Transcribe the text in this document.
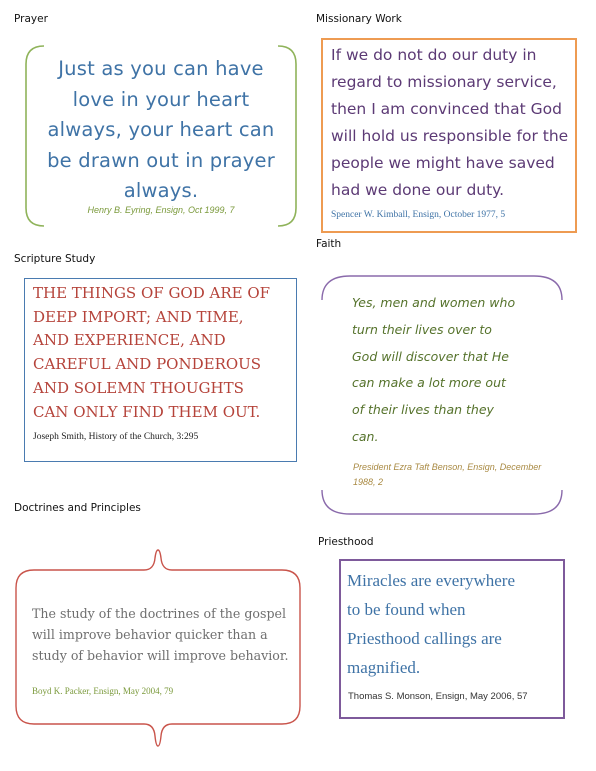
Prayer	Missionary Work
Scripture Study
Faith
Doctrines and Principles
Priesthood
Just as you can have
love in your heart
always, your heart can
be drawn out in prayer
always.
Henry B. Eyring, Ensign, Oct 1999, 7
If we do not do our duty in
regard to missionary service,
then I am convinced that God
will hold us responsible for the
people we might have saved
had we done our duty.
Spencer W. Kimball, Ensign, October 1977, 5
THE THINGS OF GOD ARE OF
DEEP IMPORT; AND TIME,
AND EXPERIENCE, AND
CAREFUL AND PONDEROUS
AND SOLEMN THOUGHTS
CAN ONLY FIND THEM OUT.
Joseph Smith, History of the Church, 3:295
Yes, men and women who
turn their lives over to
God will discover that He
can make a lot more out
of their lives than they
can.
President Ezra Taft Benson, Ensign, December 1988, 2
The study of the doctrines of the gospel
will improve behavior quicker than a
study of behavior will improve behavior.
Boyd K. Packer, Ensign, May 2004, 79
Miracles are everywhere
to be found when
Priesthood callings are
magnified.
Thomas S. Monson, Ensign, May 2006, 57
